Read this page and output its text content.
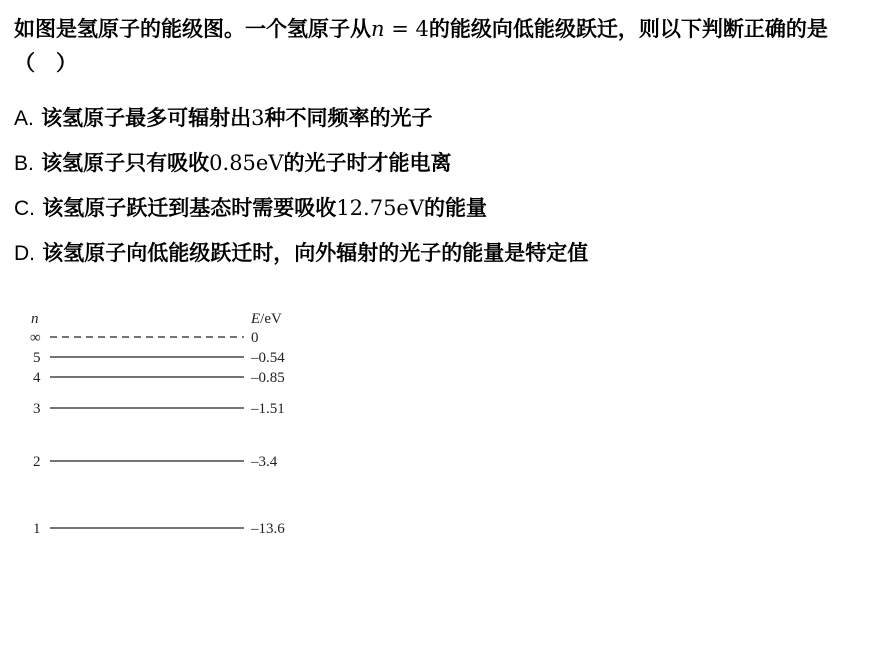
如图是氢原子的能级图。一个氢原子从n = 4的能级向低能级跃迁，则以下判断正确的是（　）
A. 该氢原子最多可辐射出3种不同频率的光子
B. 该氢原子只有吸收0.85eV的光子时才能电离
C. 该氢原子跃迁到基态时需要吸收12.75eV的能量
D. 该氢原子向低能级跃迁时，向外辐射的光子的能量是特定值
n	E/eV
∞	0
5	–0.54
4	–0.85
3	–1.51
2	–3.4
1	–13.6
